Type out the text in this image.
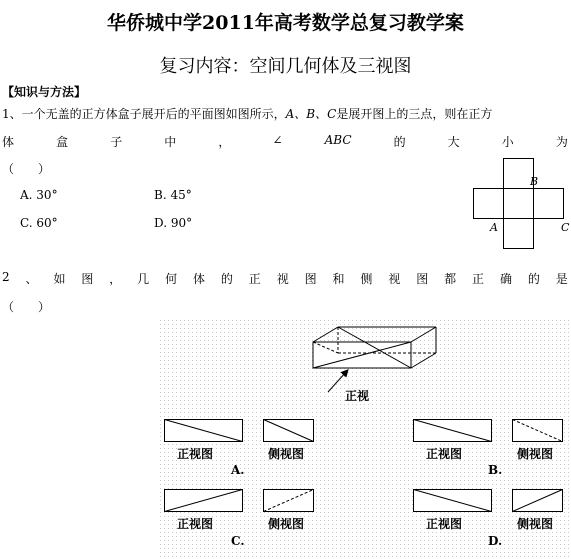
华侨城中学2011年高考数学总复习教学案
复习内容：空间几何体及三视图
【知识与方法】
1、一个无盖的正方体盒子展开后的平面图如图所示，A、B、C是展开图上的三点，则在正方
体	盒	子	中	，	∠	ABC	的	大	小	为
（　　）
A. 30°	B. 45°
C. 60°	D. 90°
B
A	C
2 、 如 图 ， 几 何 体 的 正 视 图 和 侧 视 图 都 正 确 的 是
（　　）
正视
正视图	侧视图
A.
正视图	侧视图
B.
正视图	侧视图
C.
正视图	侧视图
D.
